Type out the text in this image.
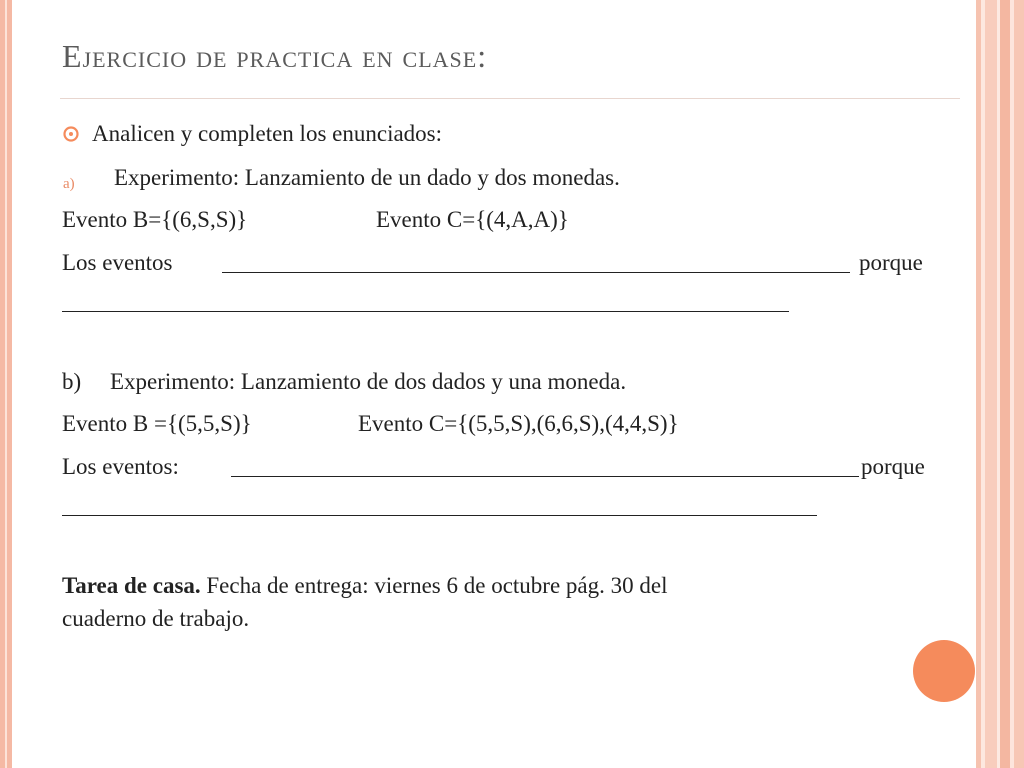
Ejercicio de practica en clase:
Analicen y completen los enunciados:
a) Experimento: Lanzamiento de un dado y dos monedas.
Evento B={(6,S,S)}	Evento C={(4,A,A)}
Los eventos	porque
b) Experimento: Lanzamiento de dos dados y una moneda.
Evento B ={(5,5,S)}	Evento C={(5,5,S),(6,6,S),(4,4,S)}
Los eventos:	porque
Tarea de casa. Fecha de entrega: viernes 6 de octubre pág. 30 del
cuaderno de trabajo.
